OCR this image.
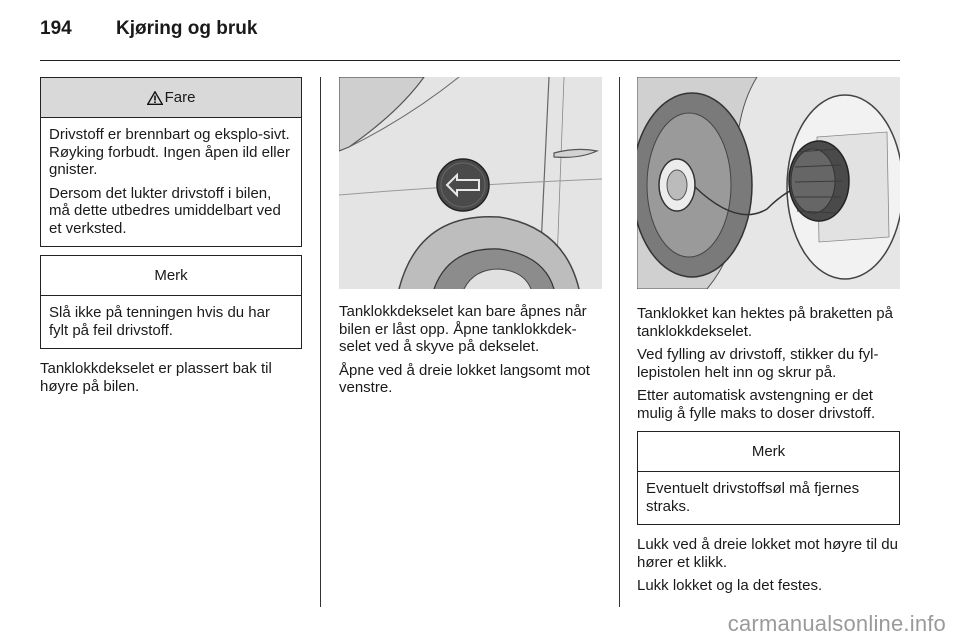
194	Kjøring og bruk
Fare

Drivstoff er brennbart og eksplo-sivt. Røyking forbudt. Ingen åpen ild eller gnister.

Dersom det lukter drivstoff i bilen, må dette utbedres umiddelbart ved et verksted.

Merk

Slå ikke på tenningen hvis du har fylt på feil drivstoff.

Tanklokkdekselet er plassert bak til høyre på bilen.

Tanklokkdekselet kan bare åpnes når bilen er låst opp. Åpne tanklokkdek-selet ved å skyve på dekselet.

Åpne ved å dreie lokket langsomt mot venstre.

Tanklokket kan hektes på braketten på tanklokkdekselet.

Ved fylling av drivstoff, stikker du fyl-lepistolen helt inn og skrur på.

Etter automatisk avstengning er det mulig å fylle maks to doser drivstoff.

Merk

Eventuelt drivstoffsøl må fjernes straks.

Lukk ved å dreie lokket mot høyre til du hører et klikk.

Lukk lokket og la det festes.

carmanualsonline.info
